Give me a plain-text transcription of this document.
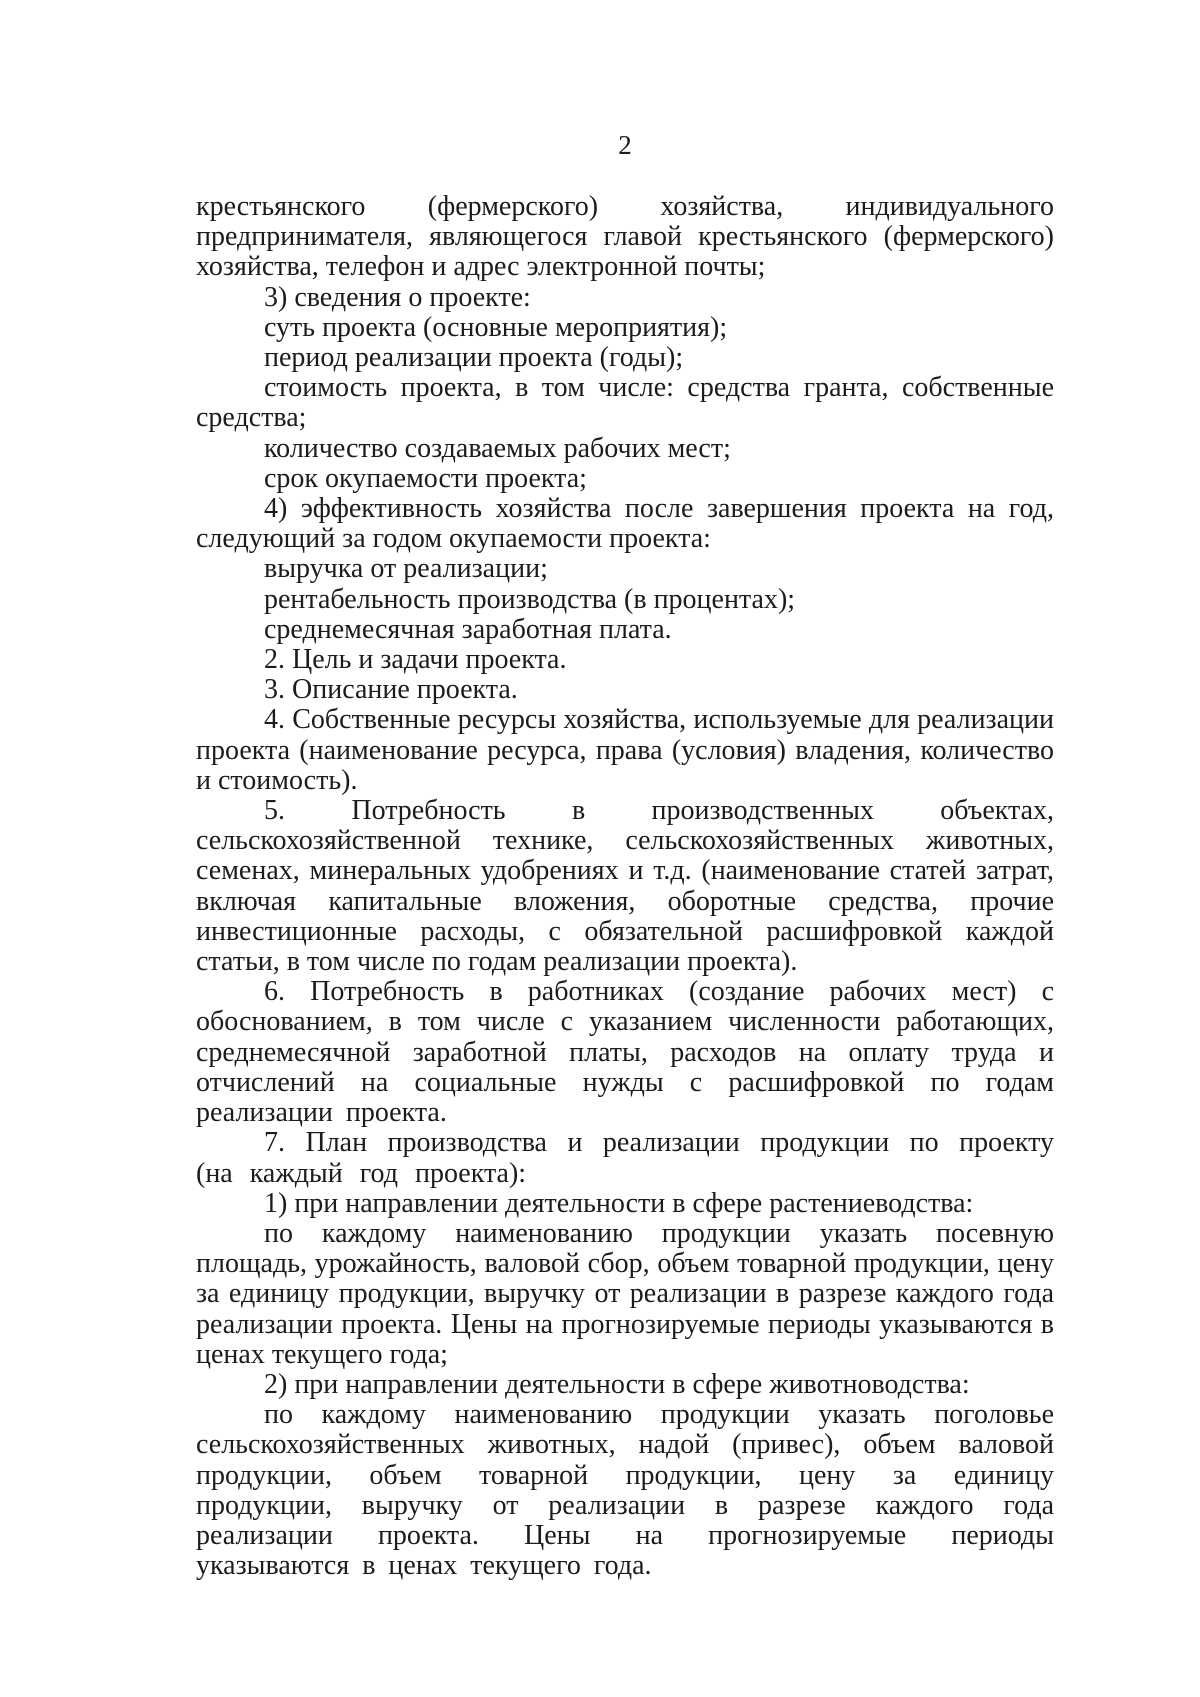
2

крестьянского (фермерского) хозяйства, индивидуального предпринимателя, являющегося главой крестьянского (фермерского) хозяйства, телефон и адрес электронной почты;

3) сведения о проекте:

суть проекта (основные мероприятия);

период реализации проекта (годы);

стоимость проекта, в том числе: средства гранта, собственные средства;

количество создаваемых рабочих мест;

срок окупаемости проекта;

4) эффективность хозяйства после завершения проекта на год, следующий за годом окупаемости проекта:

выручка от реализации;

рентабельность производства (в процентах);

среднемесячная заработная плата.

2. Цель и задачи проекта.

3. Описание проекта.

4. Собственные ресурсы хозяйства, используемые для реализации проекта (наименование ресурса, права (условия) владения, количество и стоимость).

5. Потребность в производственных объектах, сельскохозяйственной технике, сельскохозяйственных животных, семенах, минеральных удобрениях и т.д. (наименование статей затрат, включая капитальные вложения, оборотные средства, прочие инвестиционные расходы, с обязательной расшифровкой каждой статьи, в том числе по годам реализации проекта).

6. Потребность в работниках (создание рабочих мест) с обоснованием, в том числе с указанием численности работающих, среднемесячной заработной платы, расходов на оплату труда и отчислений на социальные нужды с расшифровкой по годам реализации проекта.

7. План производства и реализации продукции по проекту (на каждый год проекта):

1) при направлении деятельности в сфере растениеводства:

по каждому наименованию продукции указать посевную площадь, урожайность, валовой сбор, объем товарной продукции, цену за единицу продукции, выручку от реализации в разрезе каждого года реализации проекта. Цены на прогнозируемые периоды указываются в ценах текущего года;

2) при направлении деятельности в сфере животноводства:

по каждому наименованию продукции указать поголовье сельскохозяйственных животных, надой (привес), объем валовой продукции, объем товарной продукции, цену за единицу продукции, выручку от реализации в разрезе каждого года реализации проекта. Цены на прогнозируемые периоды указываются в ценах текущего года.
